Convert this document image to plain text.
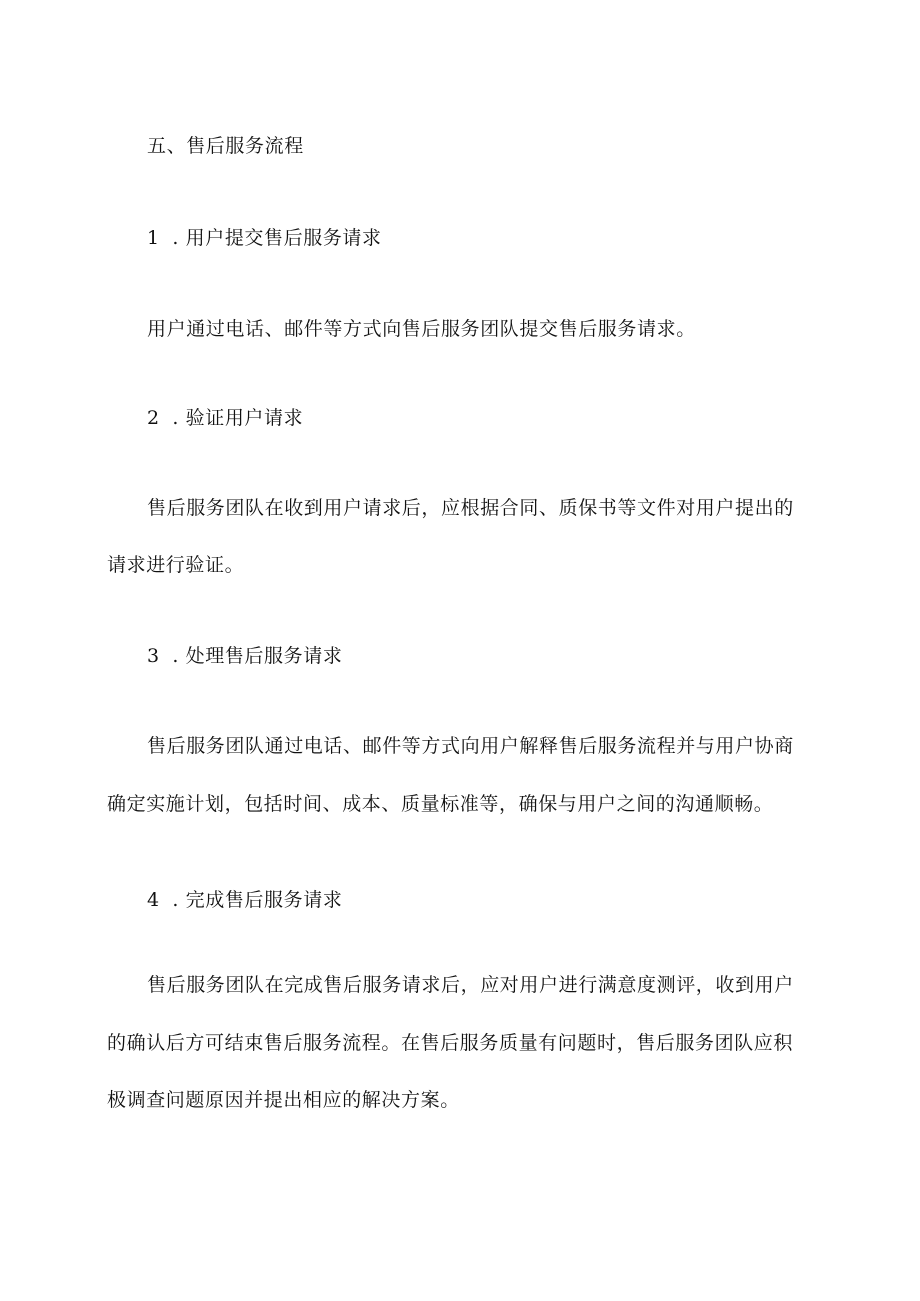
五、售后服务流程
1 . 用户提交售后服务请求
用户通过电话、邮件等方式向售后服务团队提交售后服务请求。
2 . 验证用户请求
售后服务团队在收到用户请求后，应根据合同、质保书等文件对用户提出的
请求进行验证。
3 . 处理售后服务请求
售后服务团队通过电话、邮件等方式向用户解释售后服务流程并与用户协商
确定实施计划，包括时间、成本、质量标准等，确保与用户之间的沟通顺畅。
4 . 完成售后服务请求
售后服务团队在完成售后服务请求后，应对用户进行满意度测评，收到用户
的确认后方可结束售后服务流程。在售后服务质量有问题时，售后服务团队应积
极调查问题原因并提出相应的解决方案。
